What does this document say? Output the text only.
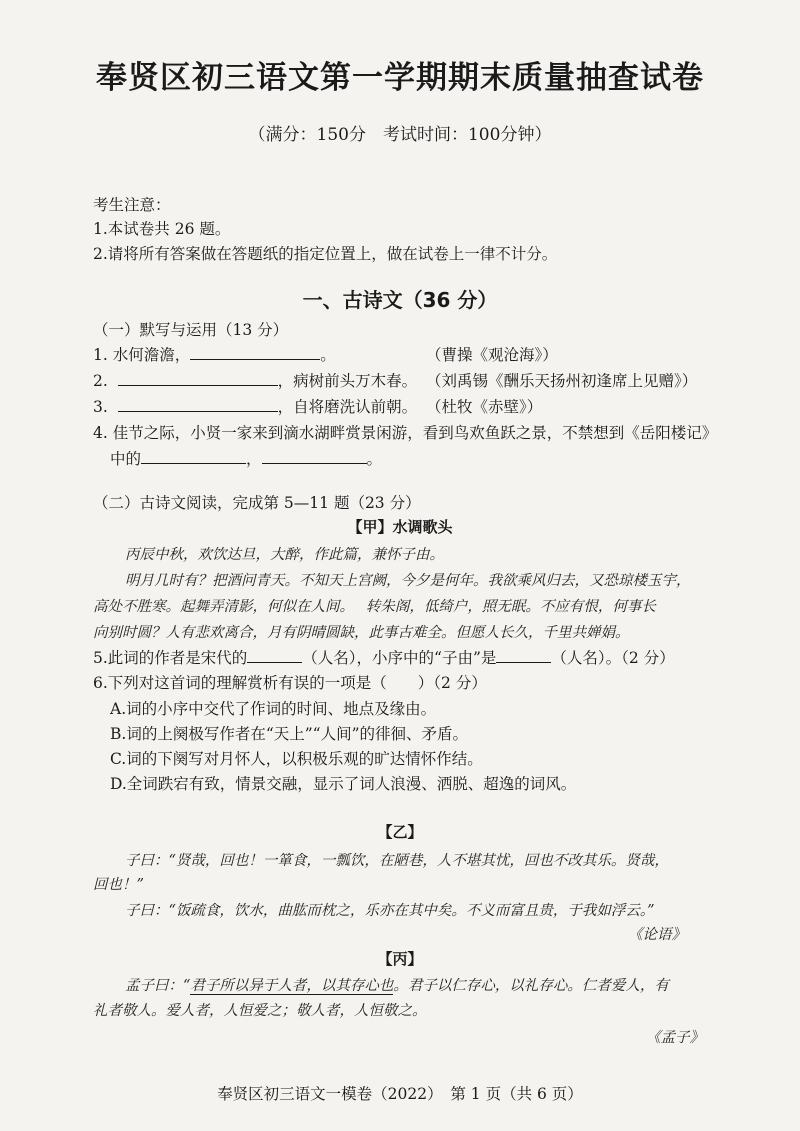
奉贤区初三语文第一学期期末质量抽查试卷
（满分：150分　考试时间：100分钟）
考生注意：
1.本试卷共 26 题。
2.请将所有答案做在答题纸的指定位置上，做在试卷上一律不计分。
一、古诗文（36 分）
（一）默写与运用（13 分）
1. 水何澹澹，	。	（曹操《观沧海》）
2.	，病树前头万木春。 （刘禹锡《酬乐天扬州初逢席上见赠》）
3.	，自将磨洗认前朝。 （杜牧《赤壁》）
4. 佳节之际，小贤一家来到滴水湖畔赏景闲游，看到鸟欢鱼跃之景，不禁想到《岳阳楼记》
中的	，	。
（二）古诗文阅读，完成第 5—11 题（23 分）
【甲】水调歌头
丙辰中秋，欢饮达旦，大醉，作此篇，兼怀子由。
明月几时有？把酒问青天。不知天上宫阙，今夕是何年。我欲乘风归去，又恐琼楼玉宇，
高处不胜寒。起舞弄清影，何似在人间。　 转朱阁，低绮户，照无眠。不应有恨，何事长
向别时圆？人有悲欢离合，月有阴晴圆缺，此事古难全。但愿人长久，千里共婵娟。
5.此词的作者是宋代的	（人名），小序中的“子由”是	（人名）。（2 分）
6.下列对这首词的理解赏析有误的一项是（　　）（2 分）
A.词的小序中交代了作词的时间、地点及缘由。
B.词的上阕极写作者在“天上”“人间”的徘徊、矛盾。
C.词的下阕写对月怀人，以积极乐观的旷达情怀作结。
D.全词跌宕有致，情景交融，显示了词人浪漫、洒脱、超逸的词风。
【乙】
子曰：“贤哉，回也！一箪食，一瓢饮，在陋巷，人不堪其忧，回也不改其乐。贤哉，
回也！”
子曰：“饭疏食，饮水，曲肱而枕之，乐亦在其中矣。不义而富且贵，于我如浮云。”
《论语》
【丙】
孟子曰：“君子所以异于人者，以其存心也。君子以仁存心，以礼存心。仁者爱人，有
礼者敬人。爱人者，人恒爱之；敬人者，人恒敬之。
《孟子》
奉贤区初三语文一模卷（2022）　第 1 页（共 6 页）
